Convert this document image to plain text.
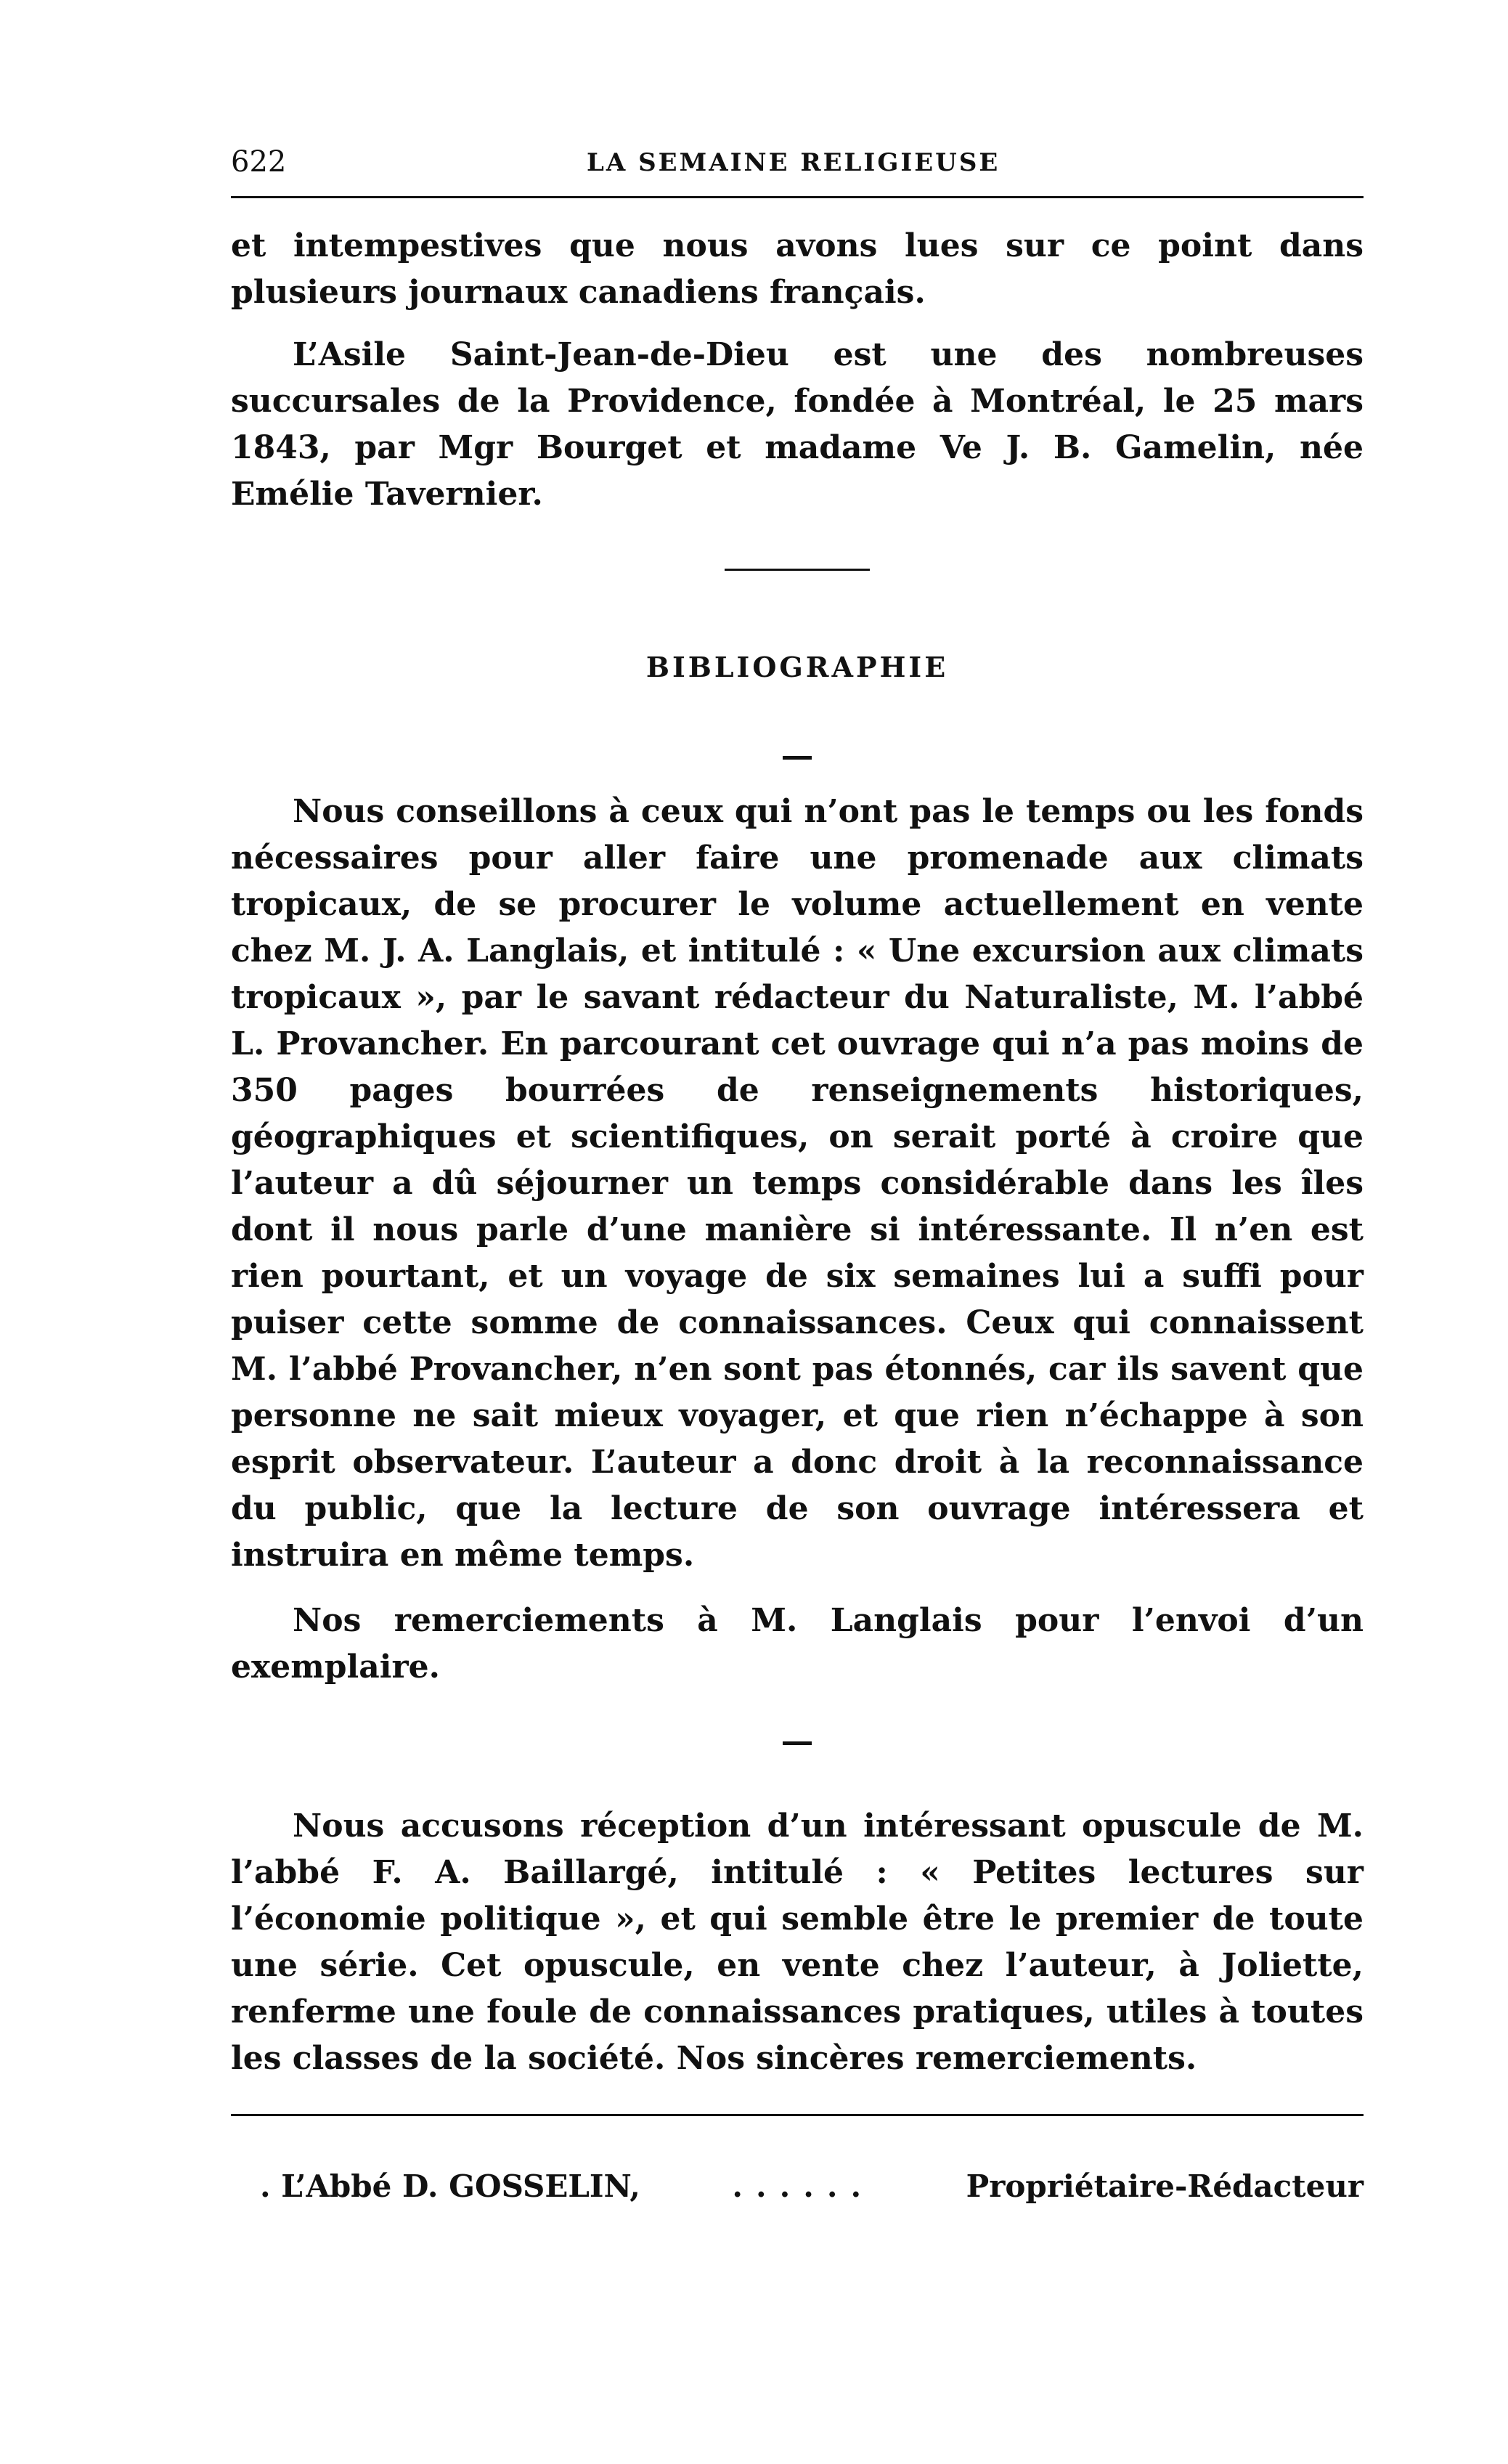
622	LA SEMAINE RELIGIEUSE

et intempestives que nous avons lues sur ce point dans plusieurs journaux canadiens français.

L’Asile Saint-Jean-de-Dieu est une des nombreuses succursales de la Providence, fondée à Montréal, le 25 mars 1843, par Mgr Bourget et madame Ve J. B. Gamelin, née Emélie Tavernier.

BIBLIOGRAPHIE

Nous conseillons à ceux qui n’ont pas le temps ou les fonds nécessaires pour aller faire une promenade aux climats tropicaux, de se procurer le volume actuellement en vente chez M. J. A. Langlais, et intitulé : « Une excursion aux climats tropicaux », par le savant rédacteur du Naturaliste, M. l’abbé L. Provancher. En parcourant cet ouvrage qui n’a pas moins de 350 pages bourrées de renseignements historiques, géographiques et scientifiques, on serait porté à croire que l’auteur a dû séjourner un temps considérable dans les îles dont il nous parle d’une manière si intéressante. Il n’en est rien pourtant, et un voyage de six semaines lui a suffi pour puiser cette somme de connaissances. Ceux qui connaissent M. l’abbé Provancher, n’en sont pas étonnés, car ils savent que personne ne sait mieux voyager, et que rien n’échappe à son esprit observateur. L’auteur a donc droit à la reconnaissance du public, que la lecture de son ouvrage intéressera et instruira en même temps.

Nos remerciements à M. Langlais pour l’envoi d’un exemplaire.

Nous accusons réception d’un intéressant opuscule de M. l’abbé F. A. Baillargé, intitulé : « Petites lectures sur l’économie politique », et qui semble être le premier de toute une série. Cet opuscule, en vente chez l’auteur, à Joliette, renferme une foule de connaissances pratiques, utiles à toutes les classes de la société. Nos sincères remerciements.

. L’Abbé D. GOSSELIN,	......	Propriétaire-Rédacteur
